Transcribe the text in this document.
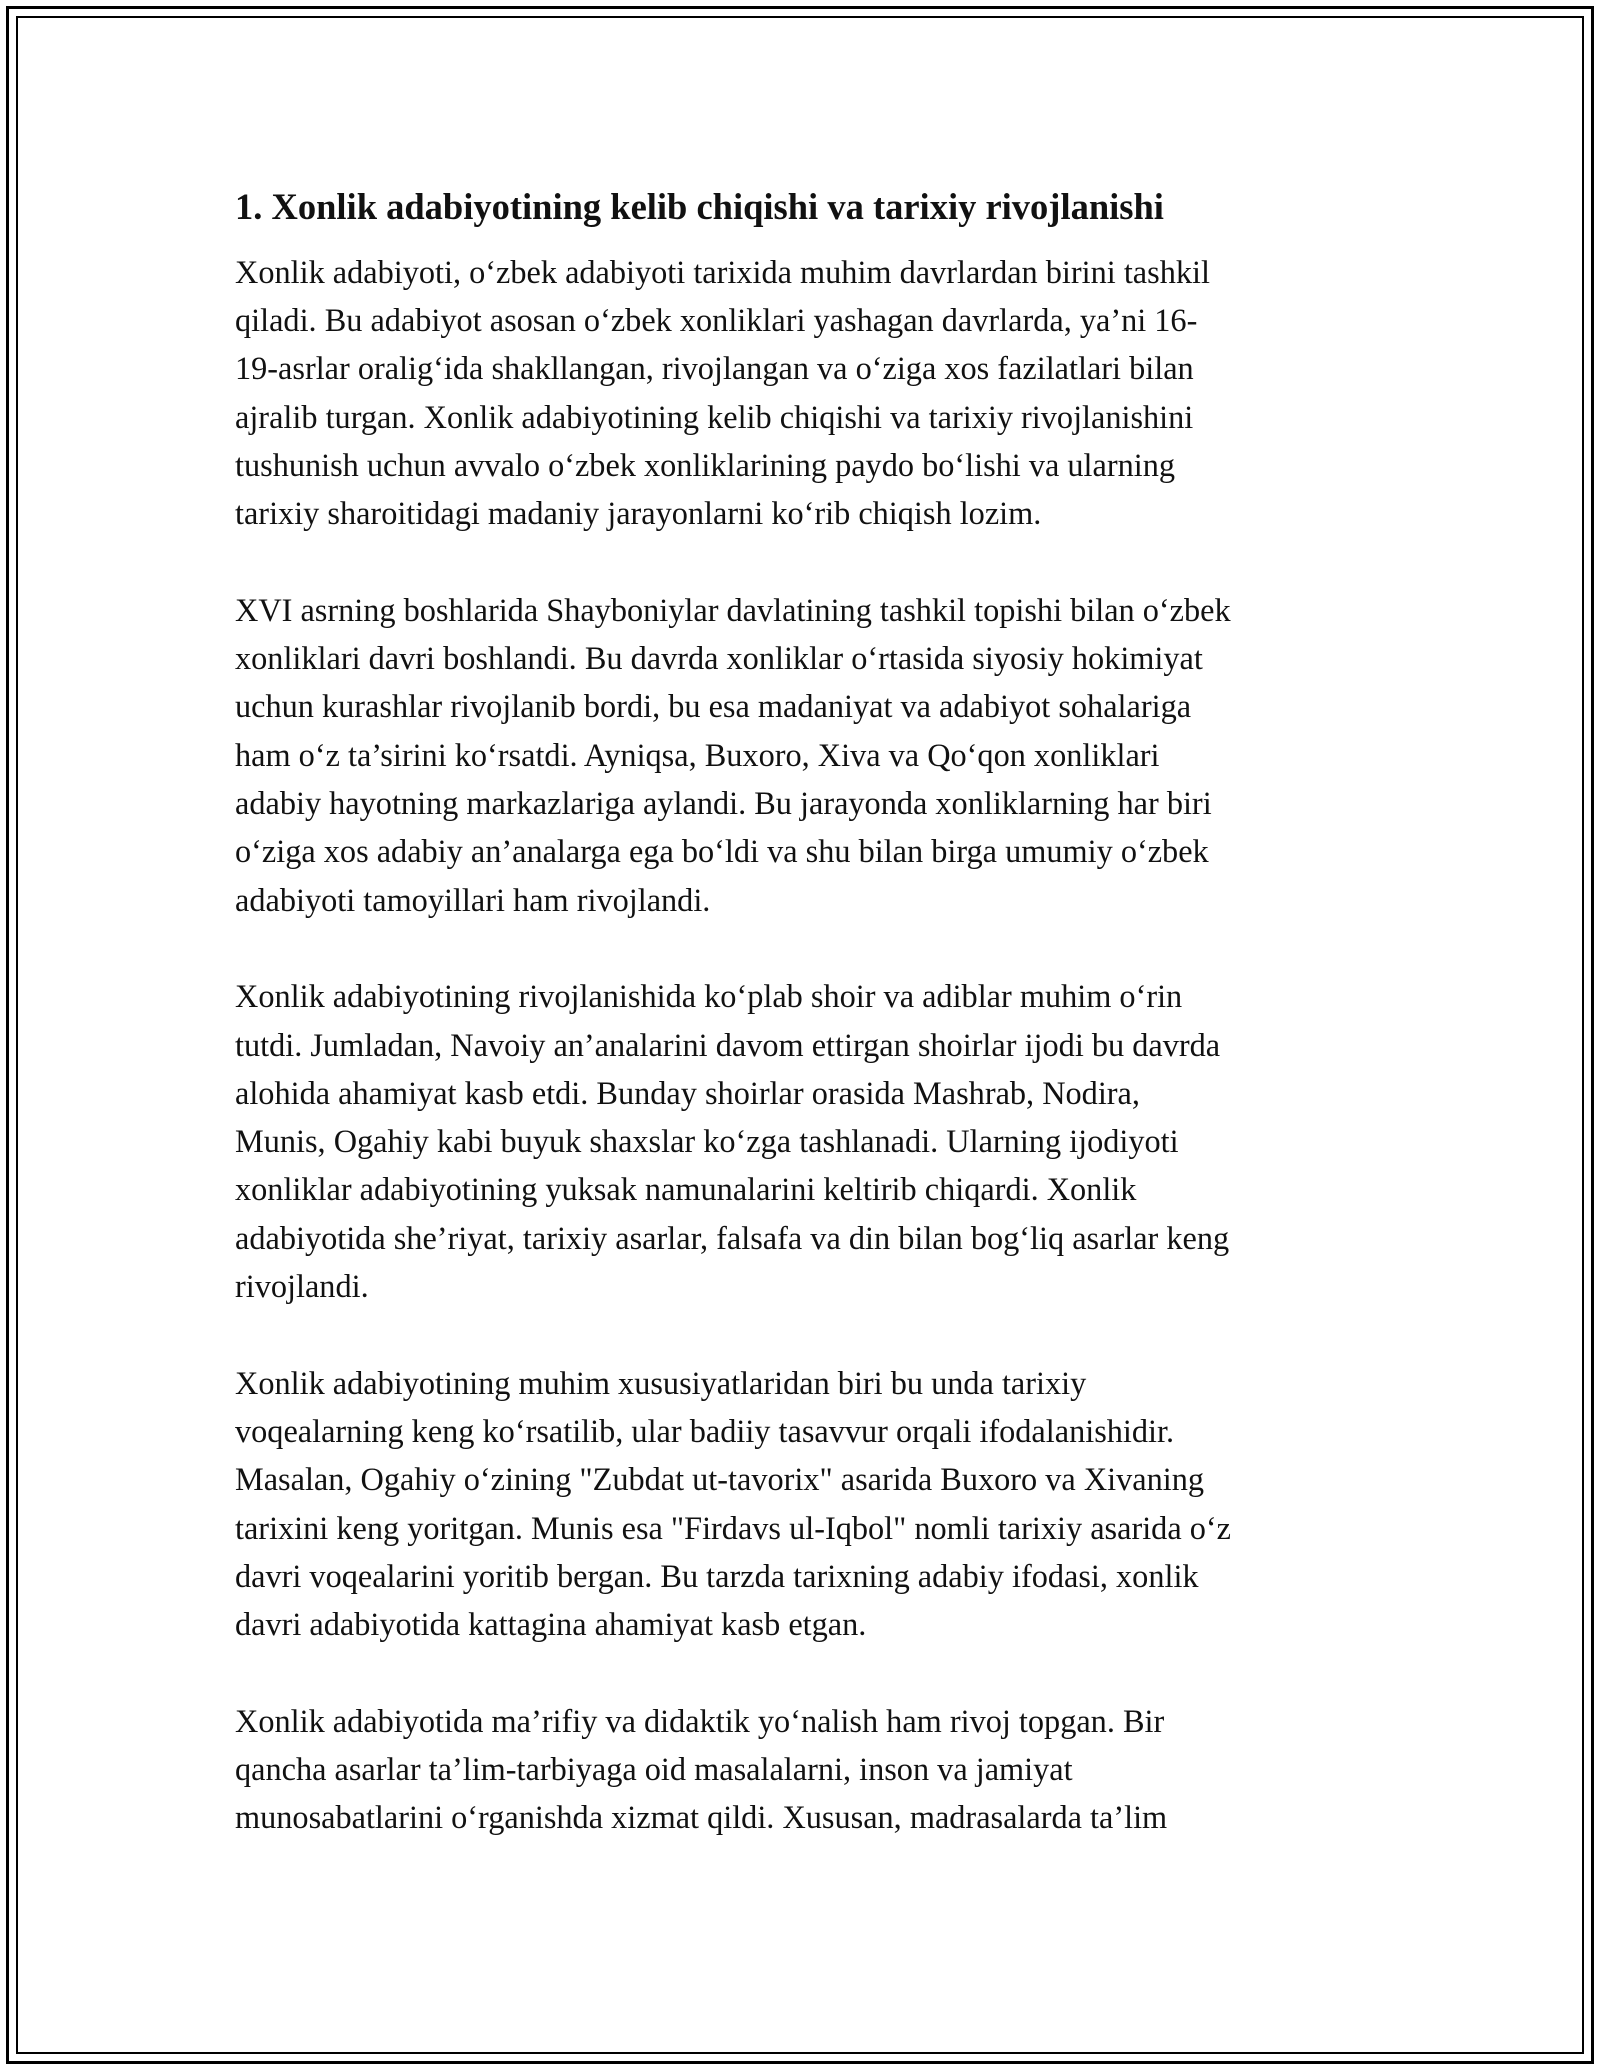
1. Xonlik adabiyotining kelib chiqishi va tarixiy rivojlanishi

Xonlik adabiyoti, o‘zbek adabiyoti tarixida muhim davrlardan birini tashkil
qiladi. Bu adabiyot asosan o‘zbek xonliklari yashagan davrlarda, ya’ni 16-
19-asrlar oralig‘ida shakllangan, rivojlangan va o‘ziga xos fazilatlari bilan
ajralib turgan. Xonlik adabiyotining kelib chiqishi va tarixiy rivojlanishini
tushunish uchun avvalo o‘zbek xonliklarining paydo bo‘lishi va ularning
tarixiy sharoitidagi madaniy jarayonlarni ko‘rib chiqish lozim.

XVI asrning boshlarida Shayboniylar davlatining tashkil topishi bilan o‘zbek
xonliklari davri boshlandi. Bu davrda xonliklar o‘rtasida siyosiy hokimiyat
uchun kurashlar rivojlanib bordi, bu esa madaniyat va adabiyot sohalariga
ham o‘z ta’sirini ko‘rsatdi. Ayniqsa, Buxoro, Xiva va Qo‘qon xonliklari
adabiy hayotning markazlariga aylandi. Bu jarayonda xonliklarning har biri
o‘ziga xos adabiy an’analarga ega bo‘ldi va shu bilan birga umumiy o‘zbek
adabiyoti tamoyillari ham rivojlandi.

Xonlik adabiyotining rivojlanishida ko‘plab shoir va adiblar muhim o‘rin
tutdi. Jumladan, Navoiy an’analarini davom ettirgan shoirlar ijodi bu davrda
alohida ahamiyat kasb etdi. Bunday shoirlar orasida Mashrab, Nodira,
Munis, Ogahiy kabi buyuk shaxslar ko‘zga tashlanadi. Ularning ijodiyoti
xonliklar adabiyotining yuksak namunalarini keltirib chiqardi. Xonlik
adabiyotida she’riyat, tarixiy asarlar, falsafa va din bilan bog‘liq asarlar keng
rivojlandi.

Xonlik adabiyotining muhim xususiyatlaridan biri bu unda tarixiy
voqealarning keng ko‘rsatilib, ular badiiy tasavvur orqali ifodalanishidir.
Masalan, Ogahiy o‘zining "Zubdat ut-tavorix" asarida Buxoro va Xivaning
tarixini keng yoritgan. Munis esa "Firdavs ul-Iqbol" nomli tarixiy asarida o‘z
davri voqealarini yoritib bergan. Bu tarzda tarixning adabiy ifodasi, xonlik
davri adabiyotida kattagina ahamiyat kasb etgan.

Xonlik adabiyotida ma’rifiy va didaktik yo‘nalish ham rivoj topgan. Bir
qancha asarlar ta’lim-tarbiyaga oid masalalarni, inson va jamiyat
munosabatlarini o‘rganishda xizmat qildi. Xususan, madrasalarda ta’lim
